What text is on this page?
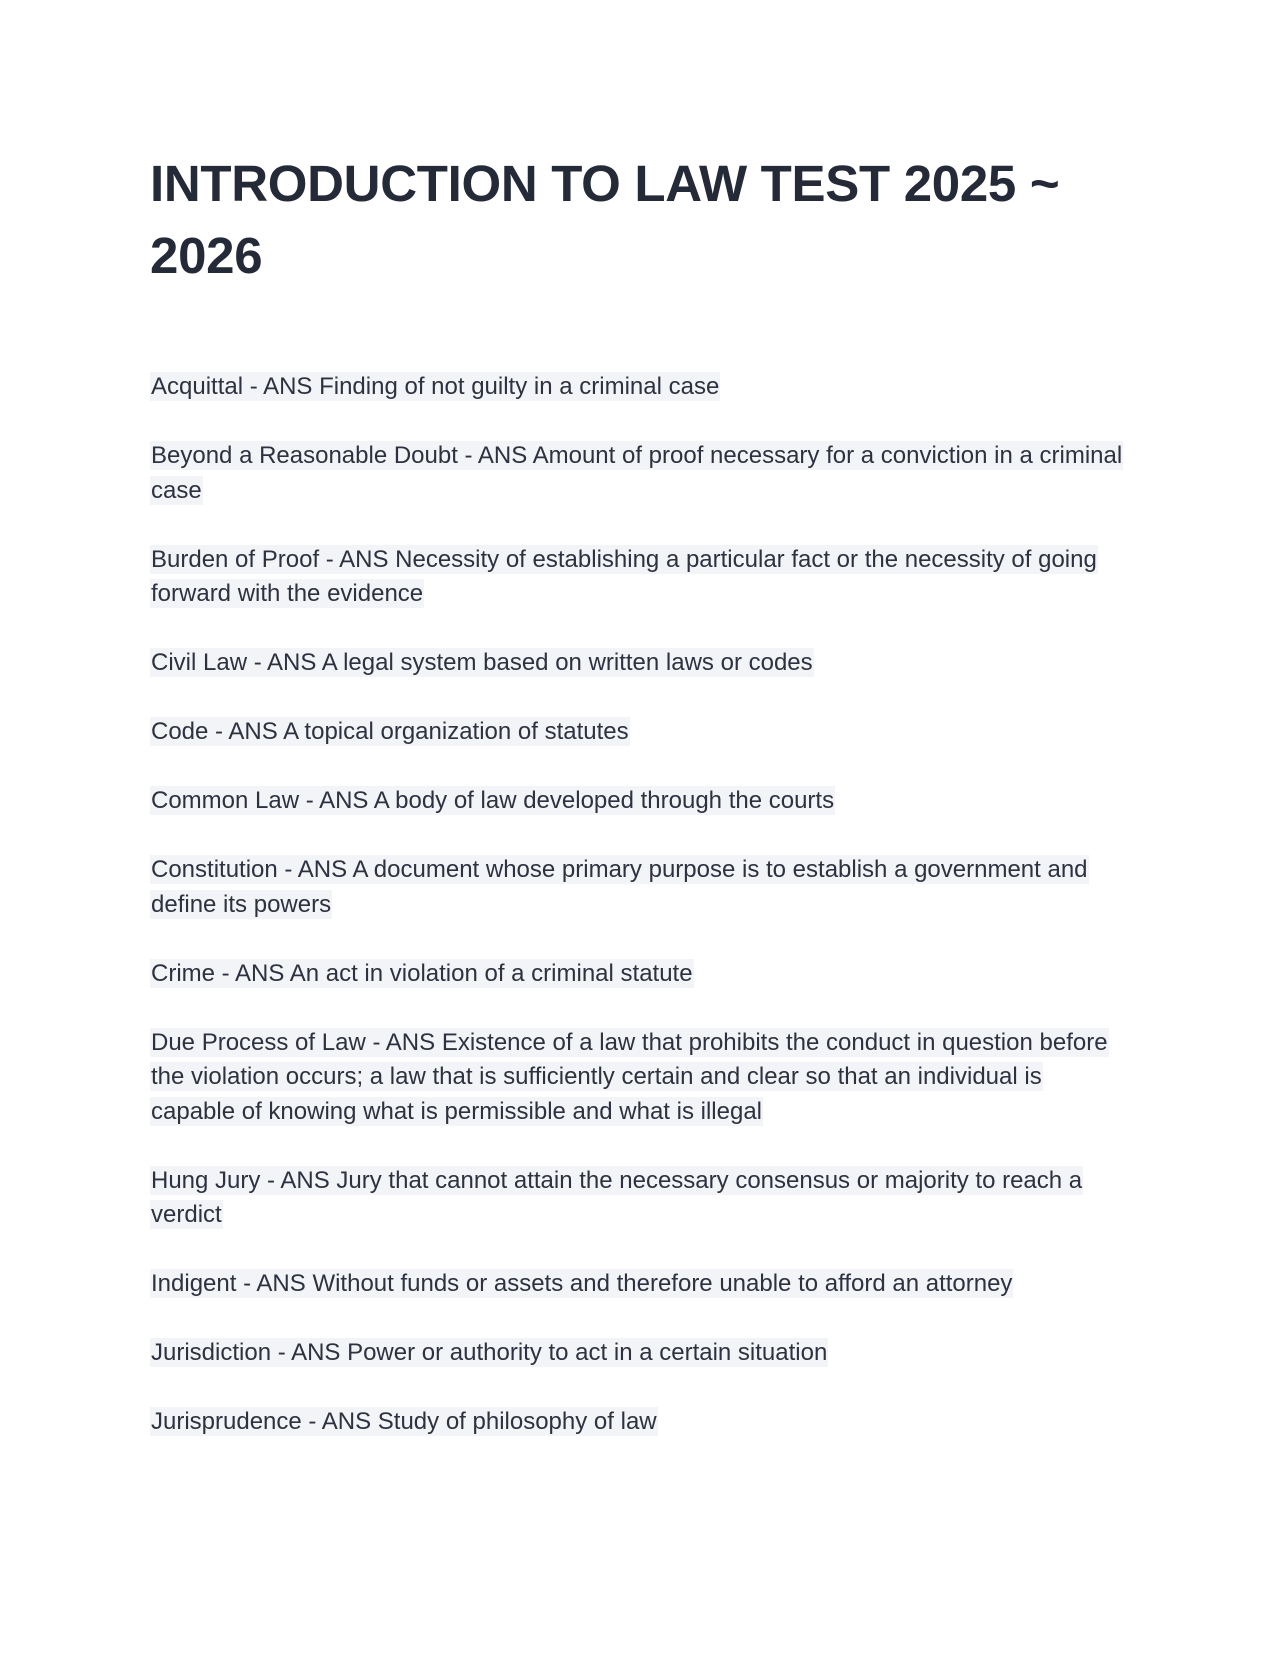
INTRODUCTION TO LAW TEST 2025 ~ 2026

Acquittal - ANS Finding of not guilty in a criminal case

Beyond a Reasonable Doubt - ANS Amount of proof necessary for a conviction in a criminal case

Burden of Proof - ANS Necessity of establishing a particular fact or the necessity of going forward with the evidence

Civil Law - ANS A legal system based on written laws or codes

Code - ANS A topical organization of statutes

Common Law - ANS A body of law developed through the courts

Constitution - ANS A document whose primary purpose is to establish a government and define its powers

Crime - ANS An act in violation of a criminal statute

Due Process of Law - ANS Existence of a law that prohibits the conduct in question before the violation occurs; a law that is sufficiently certain and clear so that an individual is capable of knowing what is permissible and what is illegal

Hung Jury - ANS Jury that cannot attain the necessary consensus or majority to reach a verdict

Indigent - ANS Without funds or assets and therefore unable to afford an attorney

Jurisdiction - ANS Power or authority to act in a certain situation

Jurisprudence - ANS Study of philosophy of law
